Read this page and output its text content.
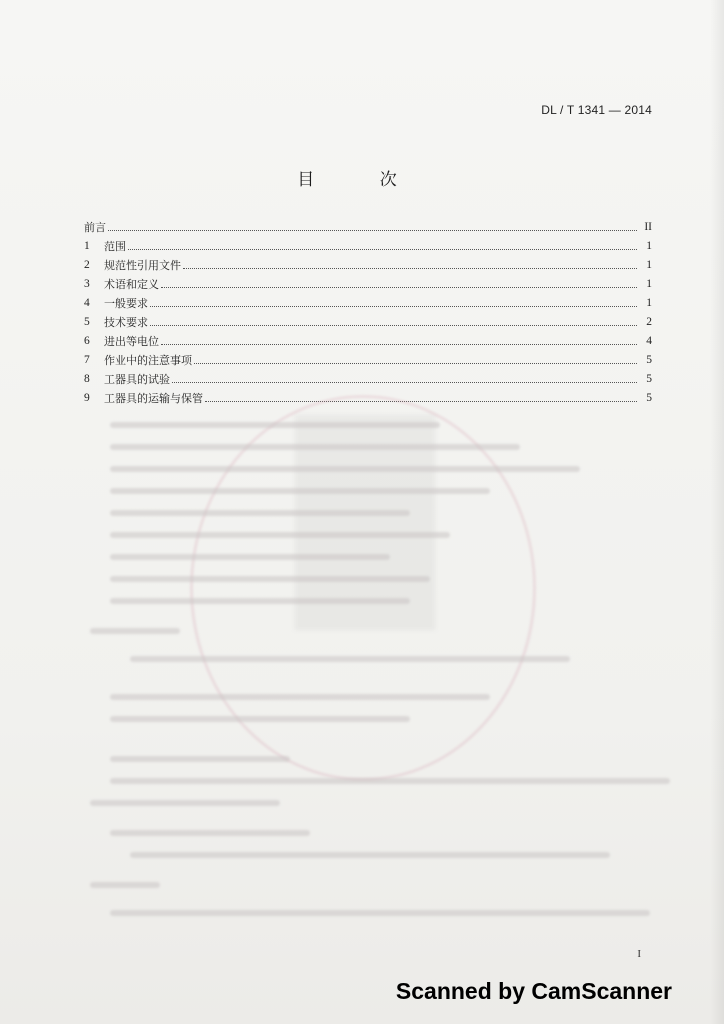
DL / T 1341 — 2014
目 次
前言	II
1	范围	1
2	规范性引用文件	1
3	术语和定义	1
4	一般要求	1
5	技术要求	2
6	进出等电位	4
7	作业中的注意事项	5
8	工器具的试验	5
9	工器具的运输与保管	5
I
Scanned by CamScanner
